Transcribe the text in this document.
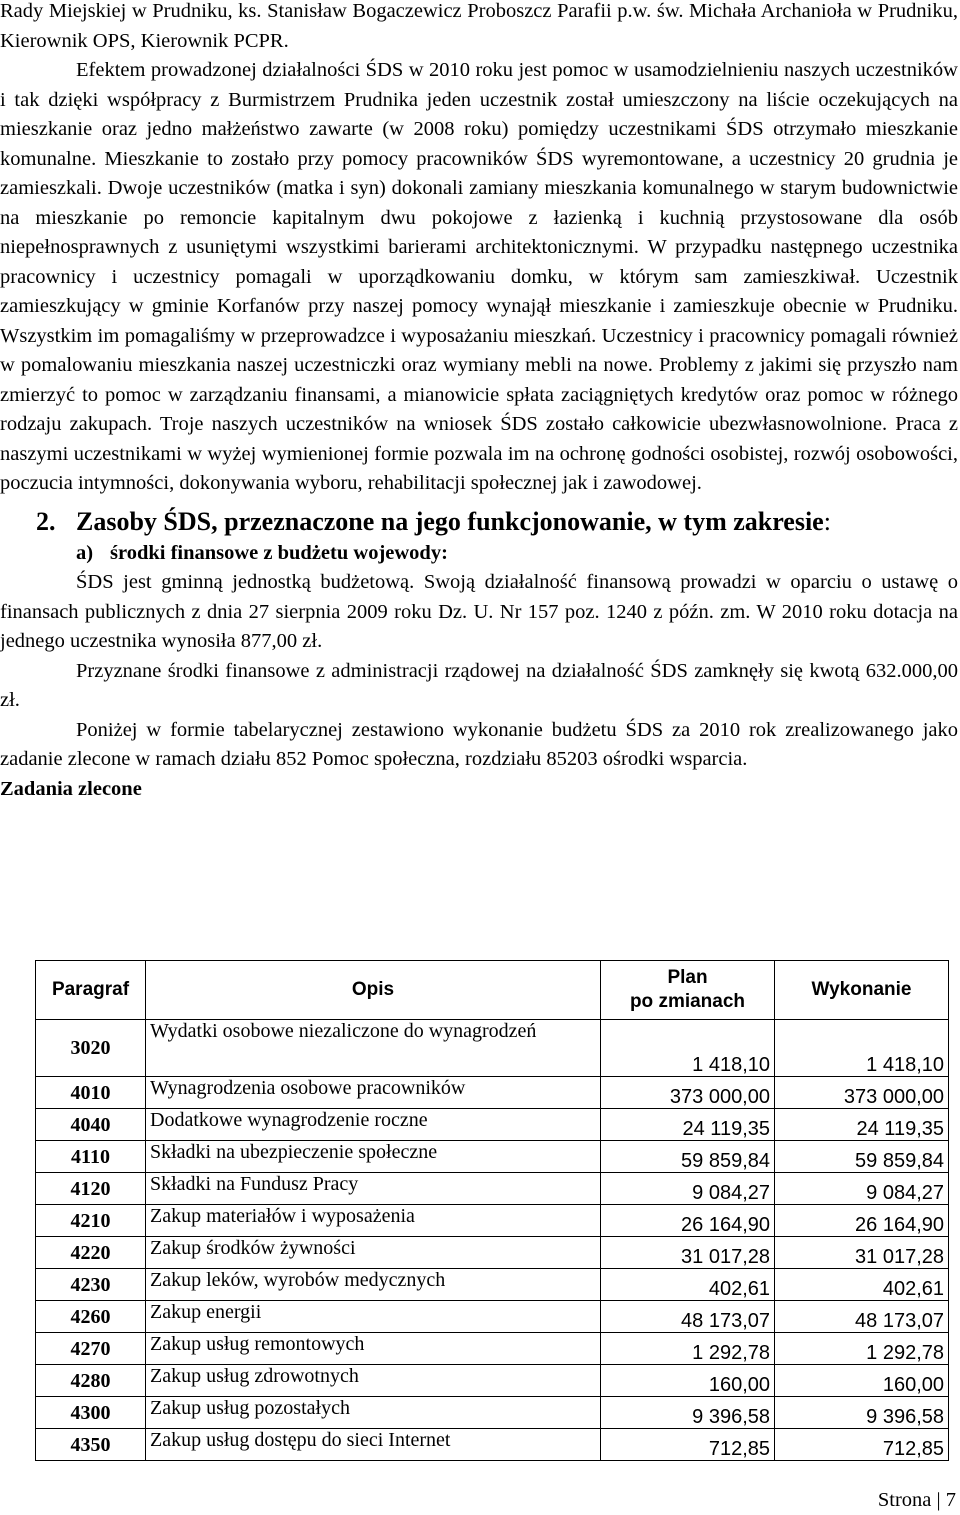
Rady Miejskiej w Prudniku, ks. Stanisław Bogaczewicz Proboszcz Parafii p.w. św. Michała Archanioła w Prudniku, Kierownik OPS, Kierownik PCPR.

Efektem prowadzonej działalności ŚDS w 2010 roku jest pomoc w usamodzielnieniu naszych uczestników i tak dzięki współpracy z Burmistrzem Prudnika jeden uczestnik został umieszczony na liście oczekujących na mieszkanie oraz jedno małżeństwo zawarte (w 2008 roku) pomiędzy uczestnikami ŚDS otrzymało mieszkanie komunalne. Mieszkanie to zostało przy pomocy pracowników ŚDS wyremontowane, a uczestnicy 20 grudnia je zamieszkali. Dwoje uczestników (matka i syn) dokonali zamiany mieszkania komunalnego w starym budownictwie na mieszkanie po remoncie kapitalnym dwu pokojowe z łazienką i kuchnią przystosowane dla osób niepełnosprawnych z usuniętymi wszystkimi barierami architektonicznymi. W przypadku następnego uczestnika pracownicy i uczestnicy pomagali w uporządkowaniu domku, w którym sam zamieszkiwał. Uczestnik zamieszkujący w gminie Korfanów przy naszej pomocy wynajął mieszkanie i zamieszkuje obecnie w Prudniku. Wszystkim im pomagaliśmy w przeprowadzce i wyposażaniu mieszkań. Uczestnicy i pracownicy pomagali również w pomalowaniu mieszkania naszej uczestniczki oraz wymiany mebli na nowe. Problemy z jakimi się przyszło nam zmierzyć to pomoc w zarządzaniu finansami, a mianowicie spłata zaciągniętych kredytów oraz pomoc w różnego rodzaju zakupach. Troje naszych uczestników na wniosek ŚDS zostało całkowicie ubezwłasnowolnione. Praca z naszymi uczestnikami w wyżej wymienionej formie pozwala im na ochronę godności osobistej, rozwój osobowości, poczucia intymności, dokonywania wyboru, rehabilitacji społecznej jak i zawodowej.

2. Zasoby ŚDS, przeznaczone na jego funkcjonowanie, w tym zakresie:
a) środki finansowe z budżetu wojewody:

ŚDS jest gminną jednostką budżetową. Swoją działalność finansową prowadzi w oparciu o ustawę o finansach publicznych z dnia 27 sierpnia 2009 roku Dz. U. Nr 157 poz. 1240 z późn. zm. W 2010 roku dotacja na jednego uczestnika wynosiła 877,00 zł.

Przyznane środki finansowe z administracji rządowej na działalność ŚDS zamknęły się kwotą 632.000,00 zł.

Poniżej w formie tabelarycznej zestawiono wykonanie budżetu ŚDS za 2010 rok zrealizowanego jako zadanie zlecone w ramach działu 852 Pomoc społeczna, rozdziału 85203 ośrodki wsparcia.

Zadania zlecone

Paragraf	Opis	Plan
po zmianach	Wykonanie
3020	Wydatki osobowe niezaliczone do wynagrodzeń	1 418,10	1 418,10
4010	Wynagrodzenia osobowe pracowników	373 000,00	373 000,00
4040	Dodatkowe wynagrodzenie roczne	24 119,35	24 119,35
4110	Składki na ubezpieczenie społeczne	59 859,84	59 859,84
4120	Składki na Fundusz Pracy	9 084,27	9 084,27
4210	Zakup materiałów i wyposażenia	26 164,90	26 164,90
4220	Zakup środków żywności	31 017,28	31 017,28
4230	Zakup leków, wyrobów medycznych	402,61	402,61
4260	Zakup energii	48 173,07	48 173,07
4270	Zakup usług remontowych	1 292,78	1 292,78
4280	Zakup usług zdrowotnych	160,00	160,00
4300	Zakup usług pozostałych	9 396,58	9 396,58
4350	Zakup usług dostępu do sieci Internet	712,85	712,85
Strona | 7
